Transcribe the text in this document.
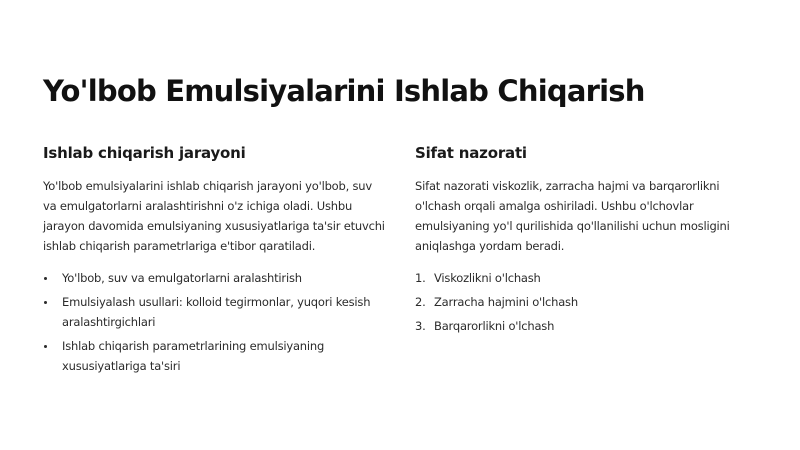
Yo'lbob Emulsiyalarini Ishlab Chiqarish
Ishlab chiqarish jarayoni

Yo'lbob emulsiyalarini ishlab chiqarish jarayoni yo'lbob, suv va emulgatorlarni aralashtirishni o'z ichiga oladi. Ushbu jarayon davomida emulsiyaning xususiyatlariga ta'sir etuvchi ishlab chiqarish parametrlariga e'tibor qaratiladi.

Yo'lbob, suv va emulgatorlarni aralashtirish
Emulsiyalash usullari: kolloid tegirmonlar, yuqori kesish aralashtirgichlari
Ishlab chiqarish parametrlarining emulsiyaning xususiyatlariga ta'siri
Sifat nazorati

Sifat nazorati viskozlik, zarracha hajmi va barqarorlikni o'lchash orqali amalga oshiriladi. Ushbu o'lchovlar emulsiyaning yo'l qurilishida qo'llanilishi uchun mosligini aniqlashga yordam beradi.

1. Viskozlikni o'lchash
2. Zarracha hajmini o'lchash
3. Barqarorlikni o'lchash
